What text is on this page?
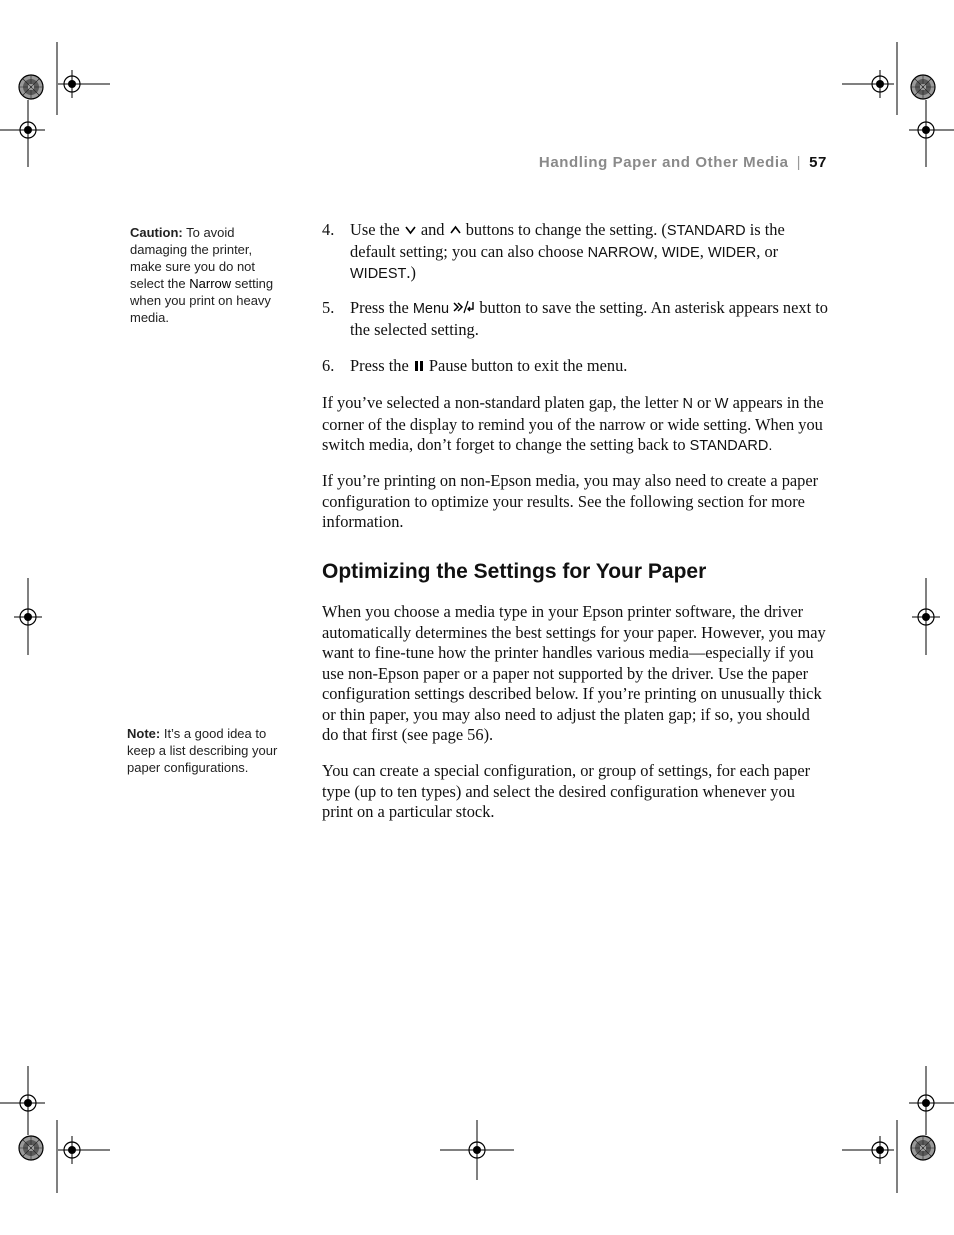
Handling Paper and Other Media | 57
Caution: To avoid damaging the printer, make sure you do not select the Narrow setting when you print on heavy media.
Note: It’s a good idea to keep a list describing your paper configurations.
4. Use the  and  buttons to change the setting. (STANDARD is the default setting; you can also choose NARROW, WIDE, WIDER, or WIDEST.)
5. Press the Menu  button to save the setting. An asterisk appears next to the selected setting.
6. Press the  Pause button to exit the menu.
If you’ve selected a non-standard platen gap, the letter N or W appears in the corner of the display to remind you of the narrow or wide setting. When you switch media, don’t forget to change the setting back to STANDARD.
If you’re printing on non-Epson media, you may also need to create a paper configuration to optimize your results. See the following section for more information.
Optimizing the Settings for Your Paper
When you choose a media type in your Epson printer software, the driver automatically determines the best settings for your paper. However, you may want to fine-tune how the printer handles various media—especially if you use non-Epson paper or a paper not supported by the driver. Use the paper configuration settings described below. If you’re printing on unusually thick or thin paper, you may also need to adjust the platen gap; if so, you should do that first (see page 56).
You can create a special configuration, or group of settings, for each paper type (up to ten types) and select the desired configuration whenever you print on a particular stock.
